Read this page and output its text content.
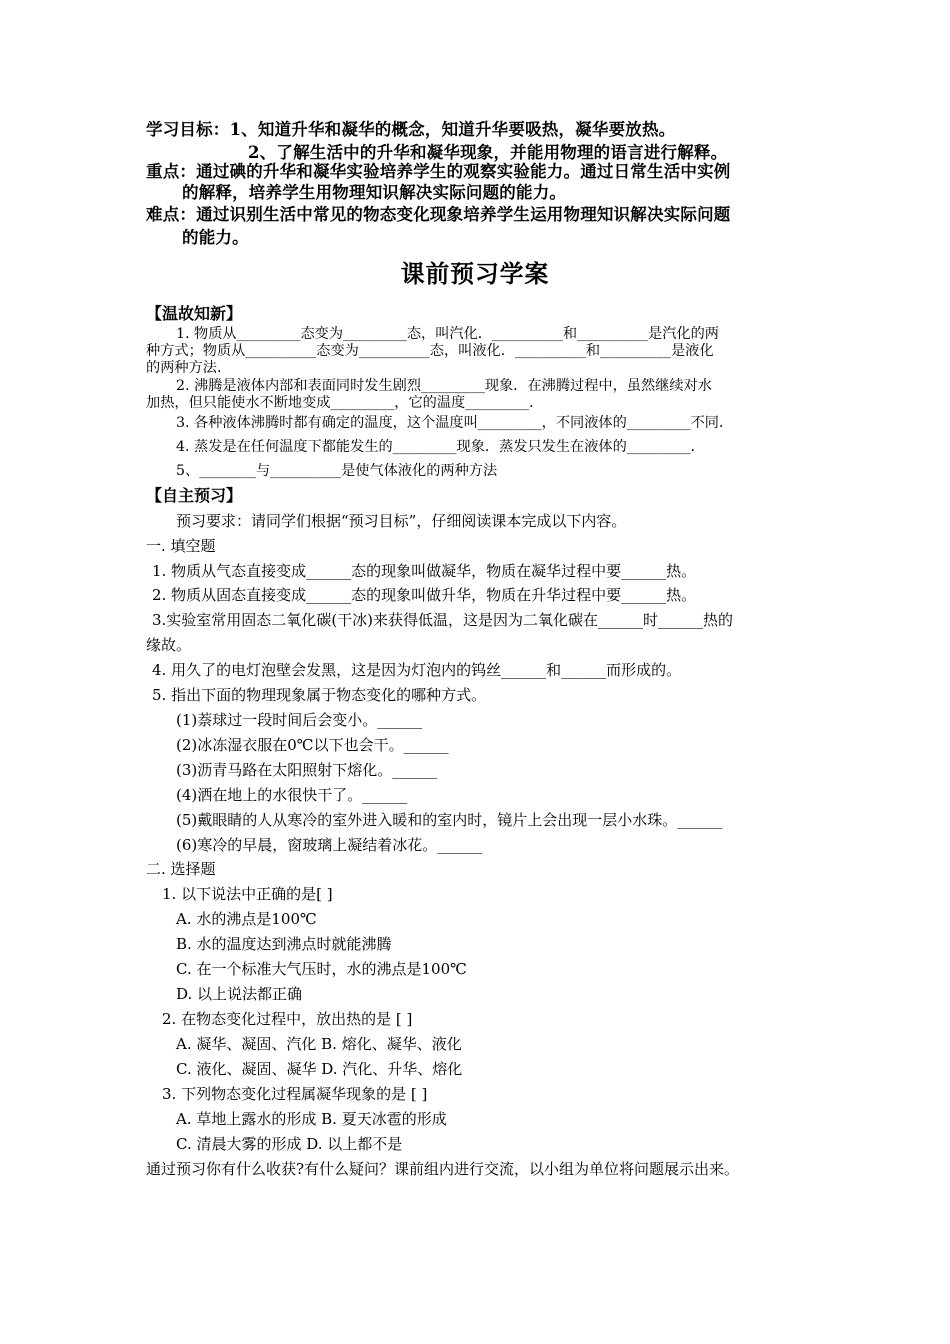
学习目标：1、知道升华和凝华的概念，知道升华要吸热，凝华要放热。
2、了解生活中的升华和凝华现象，并能用物理的语言进行解释。
重点：通过碘的升华和凝华实验培养学生的观察实验能力。通过日常生活中实例
的解释，培养学生用物理知识解决实际问题的能力。
难点：通过识别生活中常见的物态变化现象培养学生运用物理知识解决实际问题
的能力。
课前预习学案
【温故知新】
1. 物质从_________态变为_________态，叫汽化．__________和__________是汽化的两
种方式；物质从__________态变为__________态，叫液化．__________和__________是液化
的两种方法．
2. 沸腾是液体内部和表面同时发生剧烈_________现象．在沸腾过程中，虽然继续对水
加热，但只能使水不断地变成_________，它的温度_________．
3. 各种液体沸腾时都有确定的温度，这个温度叫_________，不同液体的_________不同．
4. 蒸发是在任何温度下都能发生的_________现象．蒸发只发生在液体的_________．
5、________与__________是使气体液化的两种方法
【自主预习】
预习要求：请同学们根据“预习目标”，仔细阅读课本完成以下内容。
一. 填空题
1. 物质从气态直接变成______态的现象叫做凝华，物质在凝华过程中要______热。
2. 物质从固态直接变成______态的现象叫做升华，物质在升华过程中要______热。
3.实验室常用固态二氧化碳(干冰)来获得低温，这是因为二氧化碳在______时______热的
缘故。
4. 用久了的电灯泡壁会发黑，这是因为灯泡内的钨丝______和______而形成的。
5. 指出下面的物理现象属于物态变化的哪种方式。
(1)萘球过一段时间后会变小。______
(2)冰冻湿衣服在0℃以下也会干。______
(3)沥青马路在太阳照射下熔化。______
(4)洒在地上的水很快干了。______
(5)戴眼睛的人从寒冷的室外进入暖和的室内时，镜片上会出现一层小水珠。______
(6)寒冷的早晨，窗玻璃上凝结着冰花。______
二. 选择题
1. 以下说法中正确的是[ ]
A. 水的沸点是100℃
B. 水的温度达到沸点时就能沸腾
C. 在一个标准大气压时，水的沸点是100℃
D. 以上说法都正确
2. 在物态变化过程中，放出热的是 [ ]
A. 凝华、凝固、汽化 B. 熔化、凝华、液化
C. 液化、凝固、凝华 D. 汽化、升华、熔化
3. 下列物态变化过程属凝华现象的是 [ ]
A. 草地上露水的形成 B. 夏天冰雹的形成
C. 清晨大雾的形成 D. 以上都不是
通过预习你有什么收获?有什么疑问？课前组内进行交流，以小组为单位将问题展示出来。
